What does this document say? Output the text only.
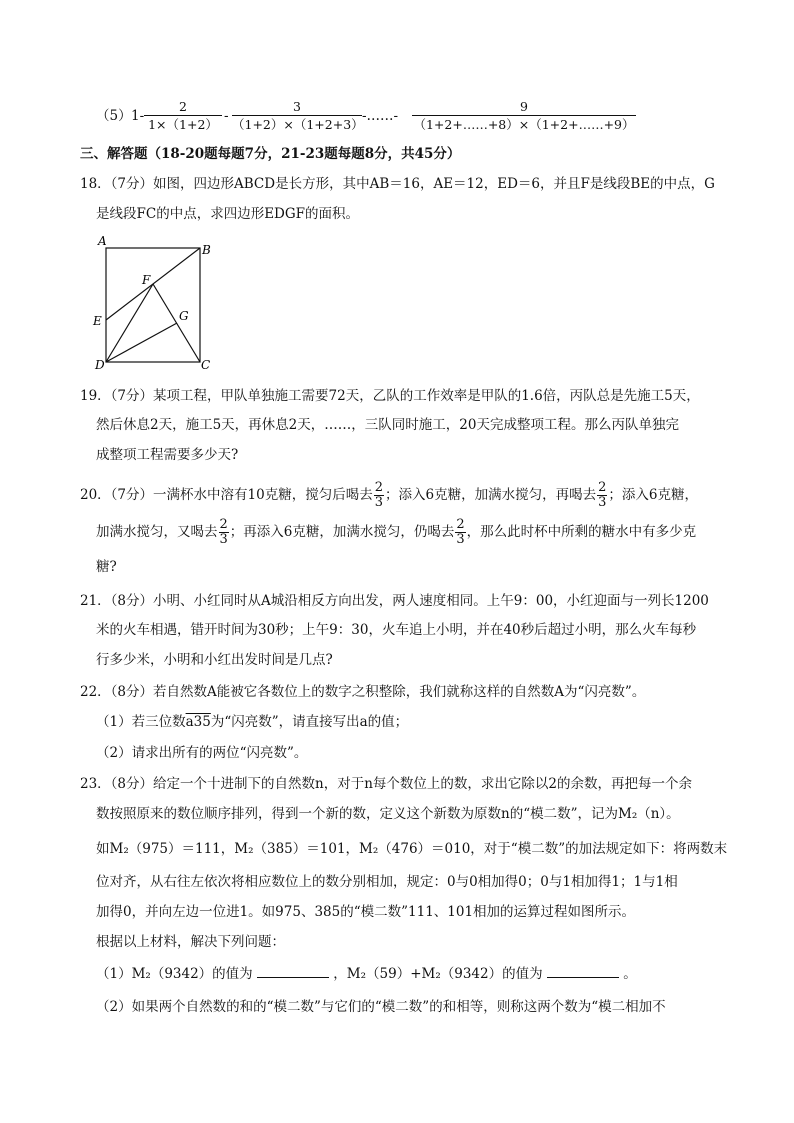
（5） $1- \frac{2}{1\times(1+2)} - \frac{3}{(1+2)\times(1+2+3)}$ -……- $\frac{9}{(1+2+\dots\dots+8)\times(1+2+\dots\dots+9)}$
三、解答题（18-20题每题7分，21-23题每题8分，共45分）
18．（7分）如图，四边形ABCD是长方形，其中AB＝16，AE＝12，ED＝6，并且F是线段BE的中点，G
是线段FC的中点，求四边形EDGF的面积。
A
B
C
D
E
F
G
19．（7分）某项工程，甲队单独施工需要72天，乙队的工作效率是甲队的1.6倍，丙队总是先施工5天，
然后休息2天，施工5天，再休息2天，……，三队同时施工，20天完成整项工程。那么丙队单独完
成整项工程需要多少天?
20．（7分）一满杯水中溶有10克糖，搅匀后喝去 $\frac{2}{3}$ ；添入6克糖，加满水搅匀，再喝去 $\frac{2}{3}$ ；添入6克糖，
加满水搅匀，又喝去 $\frac{2}{3}$ ；再添入6克糖，加满水搅匀，仍喝去 $\frac{2}{3}$ ，那么此时杯中所剩的糖水中有多少克
糖?
21．（8分）小明、小红同时从A城沿相反方向出发，两人速度相同。上午9：00，小红迎面与一列长1200
米的火车相遇，错开时间为30秒；上午9：30，火车追上小明，并在40秒后超过小明，那么火车每秒
行多少米，小明和小红出发时间是几点?
22．（8分）若自然数A能被它各数位上的数字之积整除，我们就称这样的自然数A为“闪亮数”。
（1）若三位数a35为“闪亮数”，请直接写出a的值；
（2）请求出所有的两位“闪亮数”。
23．（8分）给定一个十进制下的自然数n，对于n每个数位上的数，求出它除以2的余数，再把每一个余
数按照原来的数位顺序排列，得到一个新的数，定义这个新数为原数n的“模二数”，记为M₂（n）。
如M₂（975）＝111，M₂（385）＝101，M₂（476）＝010，对于“模二数”的加法规定如下：将两数末
位对齐，从右往左依次将相应数位上的数分别相加，规定：0与0相加得0；0与1相加得1；1与1相
加得0，并向左边一位进1。如975、385的“模二数”111、101相加的运算过程如图所示。
根据以上材料，解决下列问题：
（1）M₂（9342）的值为	，M₂（59）+M₂（9342）的值为	。
（2）如果两个自然数的和的“模二数”与它们的“模二数”的和相等，则称这两个数为“模二相加不
